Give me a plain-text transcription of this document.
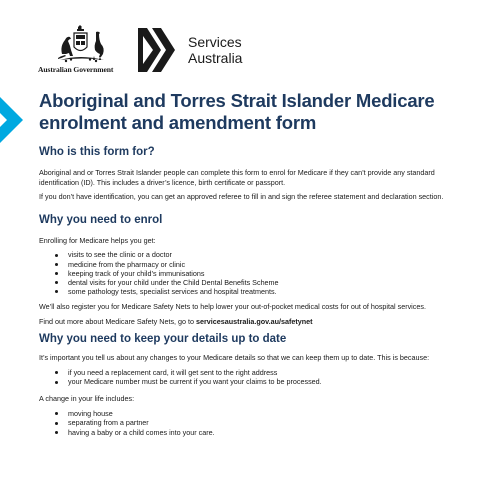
Australian Government
Services
Australia
Aboriginal and Torres Strait Islander Medicare enrolment and amendment form
Who is this form for?

Aboriginal and or Torres Strait Islander people can complete this form to enrol for Medicare if they can’t provide any standard identification (ID). This includes a driver’s licence, birth certificate or passport.

If you don’t have identification, you can get an approved referee to fill in and sign the referee statement and declaration section.

Why you need to enrol

Enrolling for Medicare helps you get:

visits to see the clinic or a doctor
medicine from the pharmacy or clinic
keeping track of your child’s immunisations
dental visits for your child under the Child Dental Benefits Scheme
some pathology tests, specialist services and hospital treatments.

We’ll also register you for Medicare Safety Nets to help lower your out-of-pocket medical costs for out of hospital services.

Find out more about Medicare Safety Nets, go to servicesaustralia.gov.au/safetynet

Why you need to keep your details up to date

It’s important you tell us about any changes to your Medicare details so that we can keep them up to date. This is because:

if you need a replacement card, it will get sent to the right address
your Medicare number must be current if you want your claims to be processed.

A change in your life includes:

moving house
separating from a partner
having a baby or a child comes into your care.
